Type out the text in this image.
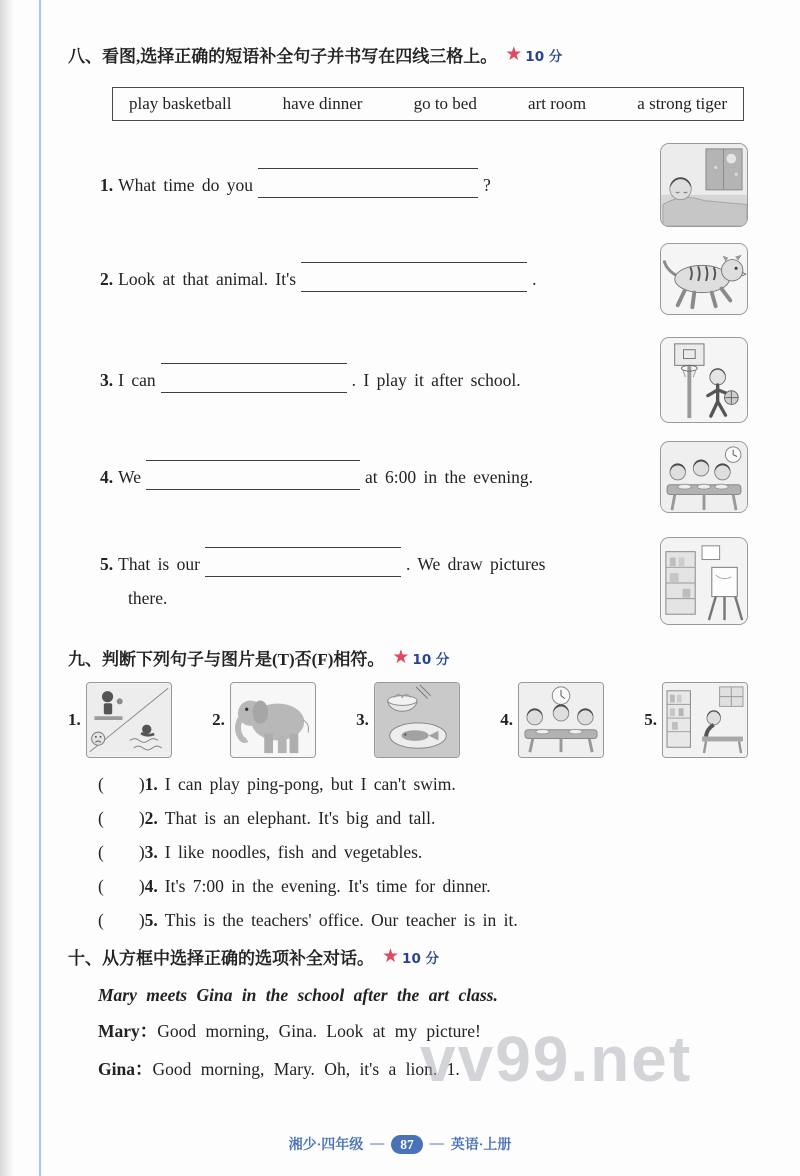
八、看图,选择正确的短语补全句子并书写在四线三格上。 ★ 10 分
play basketball	have dinner	go to bed	art room	a strong tiger
1. What time do you	?
2. Look at that animal. It's	.
3. I can	. I play it after school.
4. We	at 6:00 in the evening.
5. That is our	. We draw pictures
there.
九、判断下列句子与图片是(T)否(F)相符。 ★ 10 分
1.	2.	3.	4.	5.
(        ) 1. I can play ping-pong, but I can't swim.
(        ) 2. That is an elephant. It's big and tall.
(        ) 3. I like noodles, fish and vegetables.
(        ) 4. It's 7:00 in the evening. It's time for dinner.
(        ) 5. This is the teachers' office. Our teacher is in it.
十、从方框中选择正确的选项补全对话。 ★ 10 分
Mary meets Gina in the school after the art class.
Mary：Good morning, Gina. Look at my picture!
Gina：Good morning, Mary. Oh, it's a lion. 1.
vv99.net
湘少·四年级 —	87	— 英语·上册
